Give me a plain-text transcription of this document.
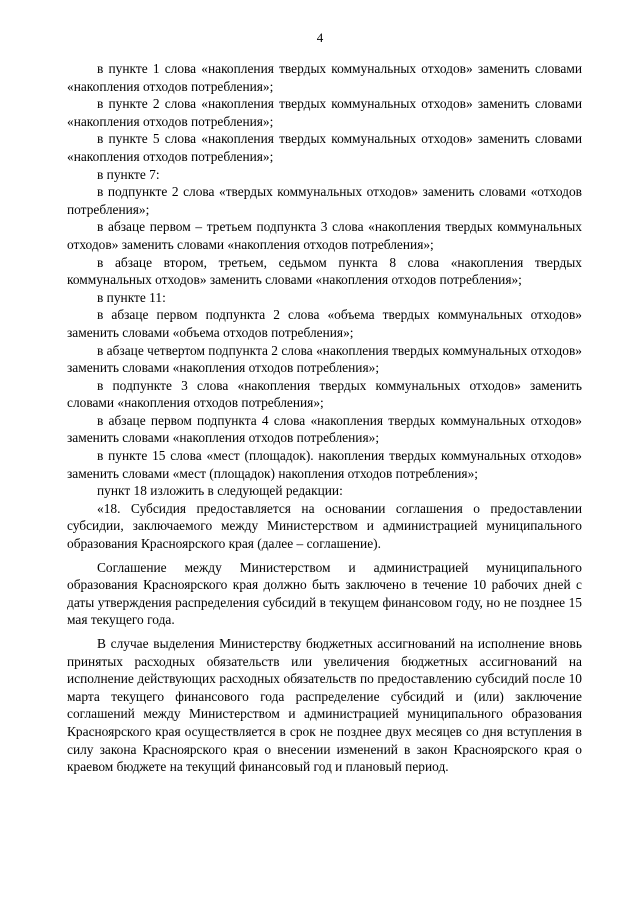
4

в пункте 1 слова «накопления твердых коммунальных отходов» заменить словами «накопления отходов потребления»;

в пункте 2 слова «накопления твердых коммунальных отходов» заменить словами «накопления отходов потребления»;

в пункте 5 слова «накопления твердых коммунальных отходов» заменить словами «накопления отходов потребления»;

в пункте 7:

в подпункте 2 слова «твердых коммунальных отходов» заменить словами «отходов потребления»;

в абзаце первом – третьем подпункта 3 слова «накопления твердых коммунальных отходов» заменить словами «накопления отходов потребления»;

в абзаце втором, третьем, седьмом пункта 8 слова «накопления твердых коммунальных отходов» заменить словами «накопления отходов потребления»;

в пункте 11:

в абзаце первом подпункта 2 слова «объема твердых коммунальных отходов» заменить словами «объема отходов потребления»;

в абзаце четвертом подпункта 2 слова «накопления твердых коммунальных отходов» заменить словами «накопления отходов потребления»;

в подпункте 3 слова «накопления твердых коммунальных отходов» заменить словами «накопления отходов потребления»;

в абзаце первом подпункта 4 слова «накопления твердых коммунальных отходов» заменить словами «накопления отходов потребления»;

в пункте 15 слова «мест (площадок). накопления твердых коммунальных отходов» заменить словами «мест (площадок) накопления отходов потребления»;

пункт 18 изложить в следующей редакции:

«18. Субсидия предоставляется на основании соглашения о предоставлении субсидии, заключаемого между Министерством и администрацией муниципального образования Красноярского края (далее – соглашение).

Соглашение между Министерством и администрацией муниципального образования Красноярского края должно быть заключено в течение 10 рабочих дней с даты утверждения распределения субсидий в текущем финансовом году, но не позднее 15 мая текущего года.

В случае выделения Министерству бюджетных ассигнований на исполнение вновь принятых расходных обязательств или увеличения бюджетных ассигнований на исполнение действующих расходных обязательств по предоставлению субсидий после 10 марта текущего финансового года распределение субсидий и (или) заключение соглашений между Министерством и администрацией муниципального образования Красноярского края осуществляется в срок не позднее двух месяцев со дня вступления в силу закона Красноярского края о внесении изменений в закон Красноярского края о краевом бюджете на текущий финансовый год и плановый период.
